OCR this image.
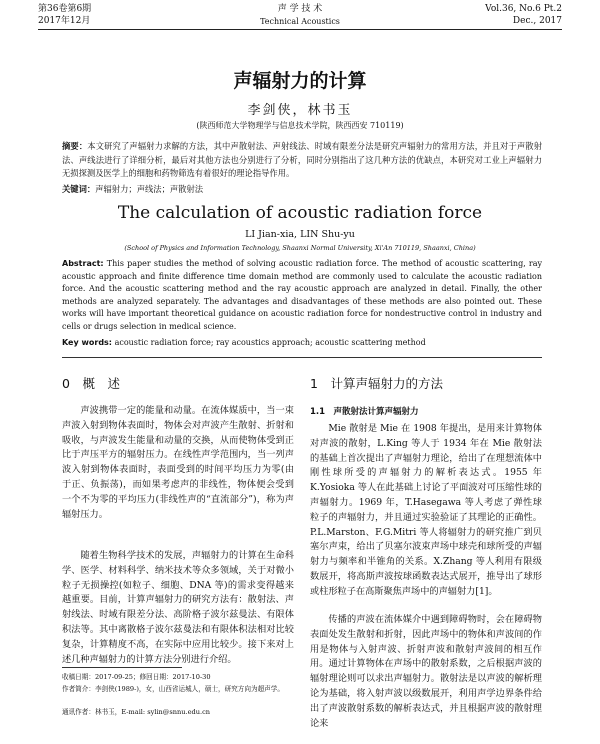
第36卷第6期
2017年12月
声 学 技 术
Technical Acoustics
Vol.36, No.6 Pt.2
Dec., 2017
声辐射力的计算
李剑侠，林书玉
(陕西师范大学物理学与信息技术学院，陕西西安 710119)
摘要：本文研究了声辐射力求解的方法，其中声散射法、声射线法、时域有限差分法是研究声辐射力的常用方法，并且对于声散射法、声线法进行了详细分析，最后对其他方法也分别进行了分析，同时分别指出了这几种方法的优缺点，本研究对工业上声辐射力无损探测及医学上的细胞和药物筛选有着很好的理论指导作用。
关键词：声辐射力；声线法；声散射法
The calculation of acoustic radiation force
LI Jian-xia, LIN Shu-yu
(School of Physics and Information Technology, Shaanxi Normal University, Xi'An 710119, Shaanxi, China)
Abstract: This paper studies the method of solving acoustic radiation force. The method of acoustic scattering, ray acoustic approach and finite difference time domain method are commonly used to calculate the acoustic radiation force. And the acoustic scattering method and the ray acoustic approach are analyzed in detail. Finally, the other methods are analyzed separately. The advantages and disadvantages of these methods are also pointed out. These works will have important theoretical guidance on acoustic radiation force for nondestructive control in industry and cells or drugs selection in medical science.
Key words: acoustic radiation force; ray acoustics approach; acoustic scattering method
0　概　述
声波携带一定的能量和动量。在流体媒质中，当一束声波入射到物体表面时，物体会对声波产生散射、折射和吸收，与声波发生能量和动量的交换，从而使物体受到正比于声压平方的辐射压力。在线性声学范围内，当一列声波入射到物体表面时，表面受到的时间平均压力为零(由于正、负振荡)，而如果考虑声的非线性，物体便会受到一个不为零的平均压力(非线性声的“直流部分”)，称为声辐射压力。
随着生物科学技术的发展，声辐射力的计算在生命科学、医学、材料科学、纳米技术等众多领域，关于对微小粒子无损操控(如粒子、细胞、DNA 等)的需求变得越来越重要。目前，计算声辐射力的研究方法有：散射法、声射线法、时域有限差分法、高阶格子波尔兹曼法、有限体积法等。其中离散格子波尔兹曼法和有限体积法相对比较复杂，计算精度不高，在实际中应用比较少。接下来对上述几种声辐射力的计算方法分别进行介绍。
1　计算声辐射力的方法
1.1　声散射法计算声辐射力
Mie 散射是 Mie 在 1908 年提出，是用来计算物体对声波的散射，L.King 等人于 1934 年在 Mie 散射法的基础上首次提出了声辐射力理论，给出了在理想流体中刚性球所受的声辐射力的解析表达式。1955 年 K.Yosioka 等人在此基础上讨论了平面波对可压缩性球的声辐射力。1969 年，T.Hasegawa 等人考虑了弹性球粒子的声辐射力，并且通过实验验证了其理论的正确性。P.L.Marston、F.G.Mitri 等人将辐射力的研究推广到贝塞尔声束，给出了贝塞尔波束声场中球壳和球所受的声辐射力与频率和半锥角的关系。X.Zhang 等人利用有限级数展开，将高斯声波按球函数表达式展开，推导出了球形或柱形粒子在高斯聚焦声场中的声辐射力[1]。
传播的声波在流体媒介中遇到障碍物时，会在障碍物表面处发生散射和折射，因此声场中的物体和声波间的作用是物体与入射声波、折射声波和散射声波间的相互作用。通过计算物体在声场中的散射系数，之后根据声波的辐射理论则可以求出声辐射力。散射法是以声波的解析理论为基础，将入射声波以级数展开，利用声学边界条件给出了声波散射系数的解析表达式，并且根据声波的散射理论来
收稿日期：2017-09-25；修回日期：2017-10-30
作者简介：李剑侠(1989-)，女，山西省运城人，硕士，研究方向为超声学。
通讯作者：林书玉，E-mail: sylin@snnu.edu.cn
